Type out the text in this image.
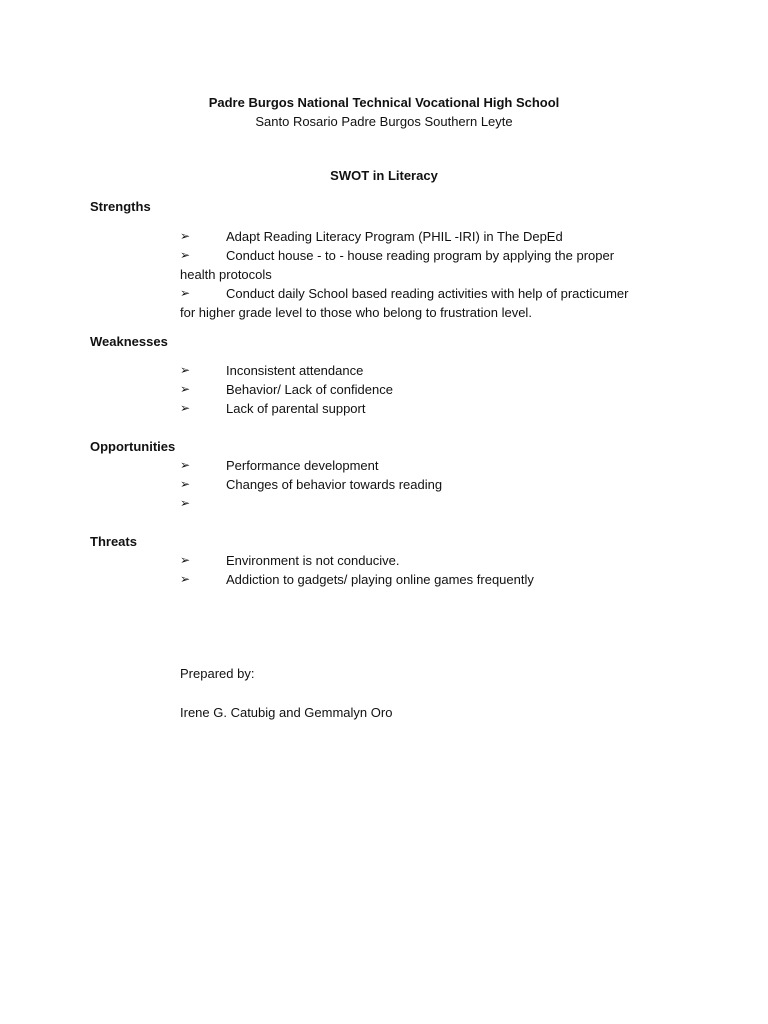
Padre Burgos National Technical Vocational High School
Santo Rosario Padre Burgos Southern Leyte
SWOT in Literacy
Strengths
➢	Adapt Reading Literacy Program (PHIL -IRI) in The DepEd
➢	Conduct house - to - house reading program by applying the proper
health protocols
➢	Conduct daily School based reading activities with help of practicumer
for higher grade level to those who belong to frustration level.
Weaknesses
➢	Inconsistent attendance
➢	Behavior/ Lack of confidence
➢	Lack of parental support
Opportunities
➢	Performance development
➢	Changes of behavior towards reading
➢
Threats
➢	Environment is not conducive.
➢	Addiction to gadgets/ playing online games frequently
Prepared by:
Irene G. Catubig and Gemmalyn Oro
